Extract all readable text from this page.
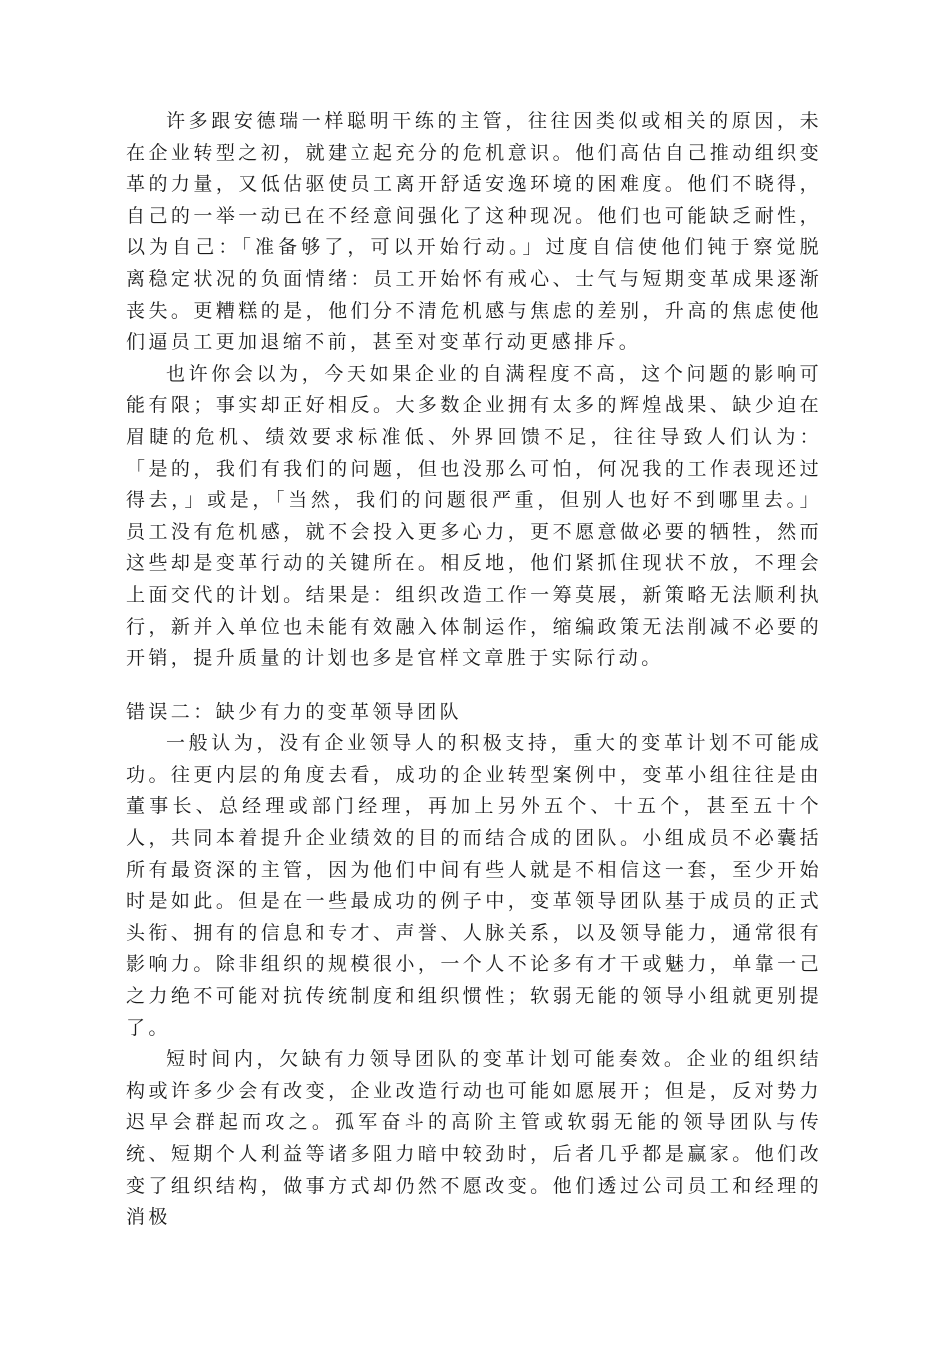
许多跟安德瑞一样聪明干练的主管，往往因类似或相关的原因，未在企业转型之初，就建立起充分的危机意识。他们高估自己推动组织变革的力量，又低估驱使员工离开舒适安逸环境的困难度。他们不晓得，自己的一举一动已在不经意间强化了这种现况。他们也可能缺乏耐性，以为自己：「准备够了，可以开始行动。」过度自信使他们钝于察觉脱离稳定状况的负面情绪：员工开始怀有戒心、士气与短期变革成果逐渐丧失。更糟糕的是，他们分不清危机感与焦虑的差别，升高的焦虑使他们逼员工更加退缩不前，甚至对变革行动更感排斥。

也许你会以为，今天如果企业的自满程度不高，这个问题的影响可能有限；事实却正好相反。大多数企业拥有太多的辉煌战果、缺少迫在眉睫的危机、绩效要求标准低、外界回馈不足，往往导致人们认为：「是的，我们有我们的问题，但也没那么可怕，何况我的工作表现还过得去，」或是，「当然，我们的问题很严重，但别人也好不到哪里去。」员工没有危机感，就不会投入更多心力，更不愿意做必要的牺牲，然而这些却是变革行动的关键所在。相反地，他们紧抓住现状不放，不理会上面交代的计划。结果是：组织改造工作一筹莫展，新策略无法顺利执行，新并入单位也未能有效融入体制运作，缩编政策无法削减不必要的开销，提升质量的计划也多是官样文章胜于实际行动。

错误二：缺少有力的变革领导团队

一般认为，没有企业领导人的积极支持，重大的变革计划不可能成功。往更内层的角度去看，成功的企业转型案例中，变革小组往往是由董事长、总经理或部门经理，再加上另外五个、十五个，甚至五十个人，共同本着提升企业绩效的目的而结合成的团队。小组成员不必囊括所有最资深的主管，因为他们中间有些人就是不相信这一套，至少开始时是如此。但是在一些最成功的例子中，变革领导团队基于成员的正式头衔、拥有的信息和专才、声誉、人脉关系，以及领导能力，通常很有影响力。除非组织的规模很小，一个人不论多有才干或魅力，单靠一己之力绝不可能对抗传统制度和组织惯性；软弱无能的领导小组就更别提了。

短时间内，欠缺有力领导团队的变革计划可能奏效。企业的组织结构或许多少会有改变，企业改造行动也可能如愿展开；但是，反对势力迟早会群起而攻之。孤军奋斗的高阶主管或软弱无能的领导团队与传统、短期个人利益等诸多阻力暗中较劲时，后者几乎都是赢家。他们改变了组织结构，做事方式却仍然不愿改变。他们透过公司员工和经理的消极
